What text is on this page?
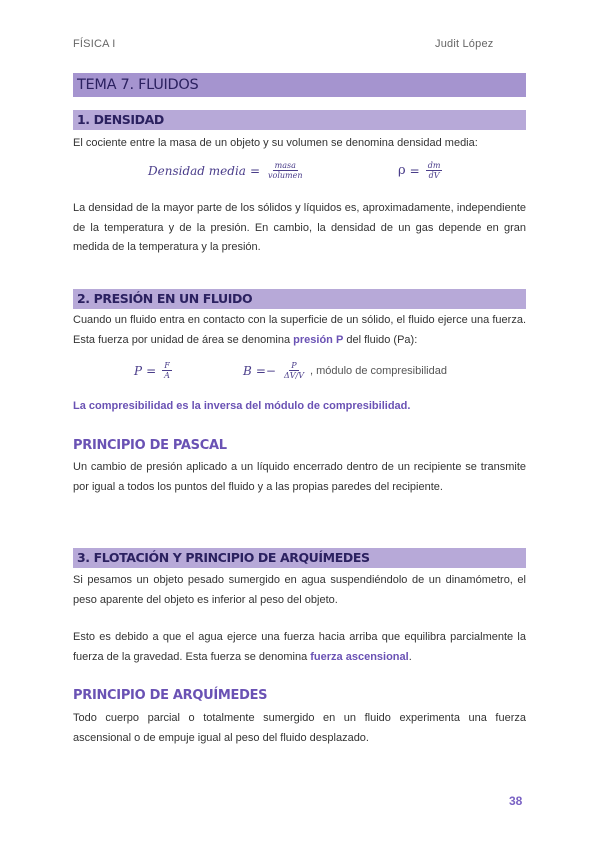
FÍSICA I	Judit López
TEMA 7. FLUIDOS
1. DENSIDAD
El cociente entre la masa de un objeto y su volumen se denomina densidad media:
Densidad media = $\frac{\text{masa}}{\text{volumen}}$	$\rho = \frac{dm}{dV}$
La densidad de la mayor parte de los sólidos y líquidos es, aproximadamente, independiente de la temperatura y de la presión. En cambio, la densidad de un gas depende en gran medida de la temperatura y la presión.
2. PRESIÓN EN UN FLUIDO
Cuando un fluido entra en contacto con la superficie de un sólido, el fluido ejerce una fuerza. Esta fuerza por unidad de área se denomina presión P del fluido (Pa):
$P = \frac{F}{A}$	$B =- \frac{P}{\Delta V/V}$ , módulo de compresibilidad
La compresibilidad es la inversa del módulo de compresibilidad.
PRINCIPIO DE PASCAL
Un cambio de presión aplicado a un líquido encerrado dentro de un recipiente se transmite por igual a todos los puntos del fluido y a las propias paredes del recipiente.
3. FLOTACIÓN Y PRINCIPIO DE ARQUÍMEDES
Si pesamos un objeto pesado sumergido en agua suspendiéndolo de un dinamómetro, el peso aparente del objeto es inferior al peso del objeto.
Esto es debido a que el agua ejerce una fuerza hacia arriba que equilibra parcialmente la fuerza de la gravedad. Esta fuerza se denomina fuerza ascensional.
PRINCIPIO DE ARQUÍMEDES
Todo cuerpo parcial o totalmente sumergido en un fluido experimenta una fuerza ascensional o de empuje igual al peso del fluido desplazado.
38
